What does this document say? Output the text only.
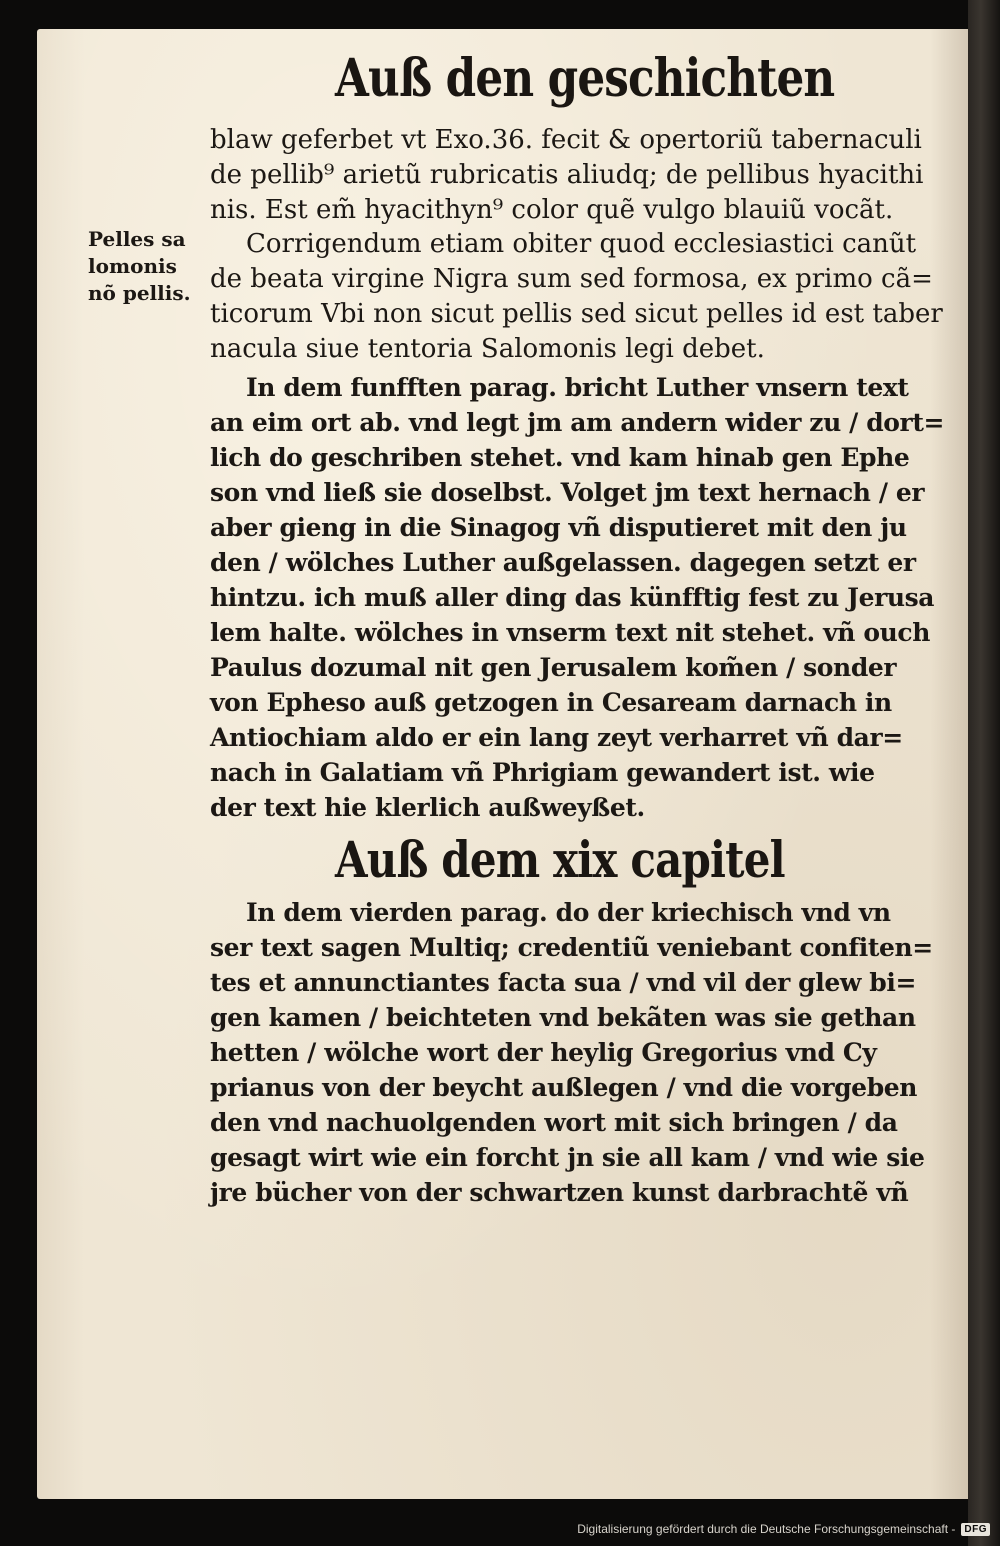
Auß den geschichten
Pelles sa
lomonis
nõ pellis.
blaw geferbet vt Exo.36. fecit & opertoriũ tabernaculi
de pellib⁹ arietũ rubricatis aliudq; de pellibus hyacithi
nis. Est em̃ hyacithyn⁹ color quẽ vulgo blauiũ vocãt.
Corrigendum etiam obiter quod ecclesiastici canũt
de beata virgine Nigra sum sed formosa, ex primo cã=
ticorum Vbi non sicut pellis sed sicut pelles id est taber
nacula siue tentoria Salomonis legi debet.
In dem funfften parag. bricht Luther vnsern text
an eim ort ab. vnd legt jm am andern wider zu / dort=
lich do geschriben stehet. vnd kam hinab gen Ephe
son vnd ließ sie doselbst. Volget jm text hernach / er
aber gieng in die Sinagog vñ disputieret mit den ju
den / wölches Luther außgelassen. dagegen setzt er
hintzu. ich muß aller ding das künfftig fest zu Jerusa
lem halte. wölches in vnserm text nit stehet. vñ ouch
Paulus dozumal nit gen Jerusalem kom̃en / sonder
von Epheso auß getzogen in Cesaream darnach in
Antiochiam aldo er ein lang zeyt verharret vñ dar=
nach in Galatiam vñ Phrigiam gewandert ist. wie
der text hie klerlich außweyßet.
Auß dem xix capitel
In dem vierden parag. do der kriechisch vnd vn
ser text sagen Multiq; credentiũ veniebant confiten=
tes et annunctiantes facta sua / vnd vil der glew bi=
gen kamen / beichteten vnd bekãten was sie gethan
hetten / wölche wort der heylig Gregorius vnd Cy
prianus von der beycht außlegen / vnd die vorgeben
den vnd nachuolgenden wort mit sich bringen / da
gesagt wirt wie ein forcht jn sie all kam / vnd wie sie
jre bücher von der schwartzen kunst darbrachtẽ vñ
Digitalisierung gefördert durch die Deutsche Forschungsgemeinschaft - DFG
